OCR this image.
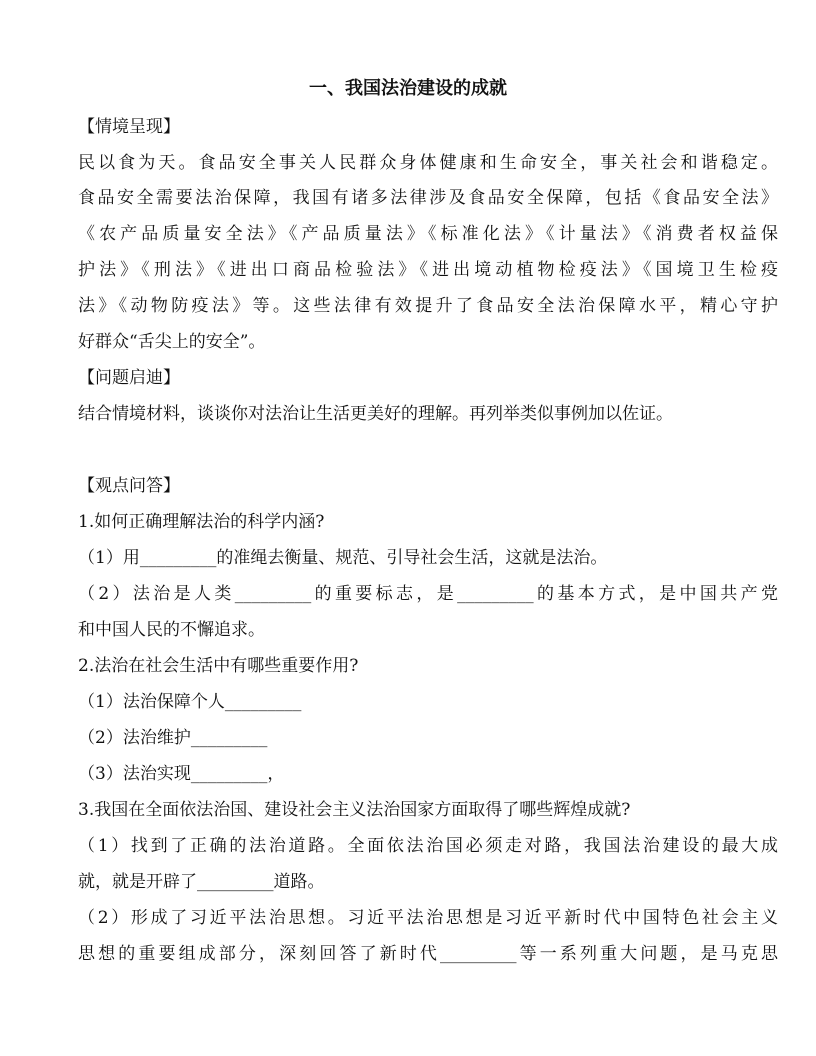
一、我国法治建设的成就
【情境呈现】
民以食为天。食品安全事关人民群众身体健康和生命安全，事关社会和谐稳定。
食品安全需要法治保障，我国有诸多法律涉及食品安全保障，包括《食品安全法》
《农产品质量安全法》《产品质量法》《标准化法》《计量法》《消费者权益保
护法》《刑法》《进出口商品检验法》《进出境动植物检疫法》《国境卫生检疫
法》《动物防疫法》等。这些法律有效提升了食品安全法治保障水平，精心守护
好群众“舌尖上的安全”。
【问题启迪】
结合情境材料，谈谈你对法治让生活更美好的理解。再列举类似事例加以佐证。
【观点问答】
1.如何正确理解法治的科学内涵?
（1）用_________的准绳去衡量、规范、引导社会生活，这就是法治。
（2）法治是人类_________的重要标志，是_________的基本方式，是中国共产党
和中国人民的不懈追求。
2.法治在社会生活中有哪些重要作用?
（1）法治保障个人_________
（2）法治维护_________
（3）法治实现_________，
3.我国在全面依法治国、建设社会主义法治国家方面取得了哪些辉煌成就?
（1）找到了正确的法治道路。全面依法治国必须走对路，我国法治建设的最大成
就，就是开辟了_________道路。
（2）形成了习近平法治思想。习近平法治思想是习近平新时代中国特色社会主义
思想的重要组成部分，深刻回答了新时代_________等一系列重大问题，是马克思
